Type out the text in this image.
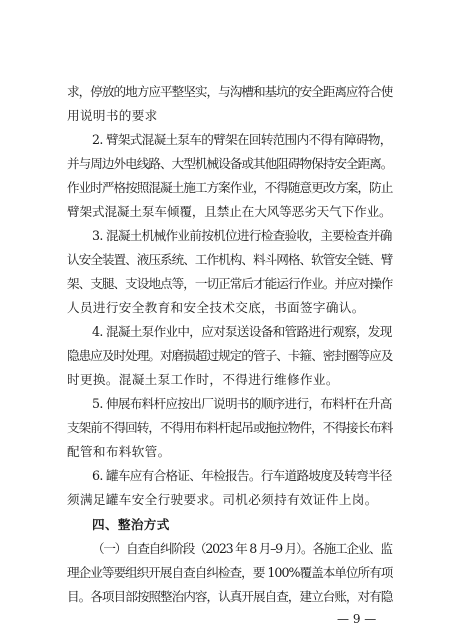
求，停放的地方应平整坚实，与沟槽和基坑的安全距离应符合使
用说明书的要求
2. 臂架式混凝土泵车的臂架在回转范围内不得有障碍物，
并与周边外电线路、大型机械设备或其他阻碍物保持安全距离。
作业时严格按照混凝土施工方案作业，不得随意更改方案，防止
臂架式混凝土泵车倾覆，且禁止在大风等恶劣天气下作业。
3. 混凝土机械作业前按机位进行检查验收，主要检查并确
认安全装置、液压系统、工作机构、料斗网格、软管安全链、臂
架、支腿、支设地点等，一切正常后才能运行作业。并应对操作
人员进行安全教育和安全技术交底，书面签字确认。
4. 混凝土泵作业中，应对泵送设备和管路进行观察，发现
隐患应及时处理。对磨损超过规定的管子、卡箍、密封圈等应及
时更换。混凝土泵工作时，不得进行维修作业。
5. 伸展布料杆应按出厂说明书的顺序进行，布料杆在升高
支架前不得回转，不得用布料杆起吊或拖拉物件，不得接长布料
配管和布料软管。
6. 罐车应有合格证、年检报告。行车道路坡度及转弯半径
须满足罐车安全行驶要求。司机必须持有效证件上岗。
四、整治方式
（一）自查自纠阶段（2023 年 8 月–9 月）。各施工企业、监
理企业等要组织开展自查自纠检查，要 100%覆盖本单位所有项
目。各项目部按照整治内容，认真开展自查，建立台账，对有隐
— 9 —
